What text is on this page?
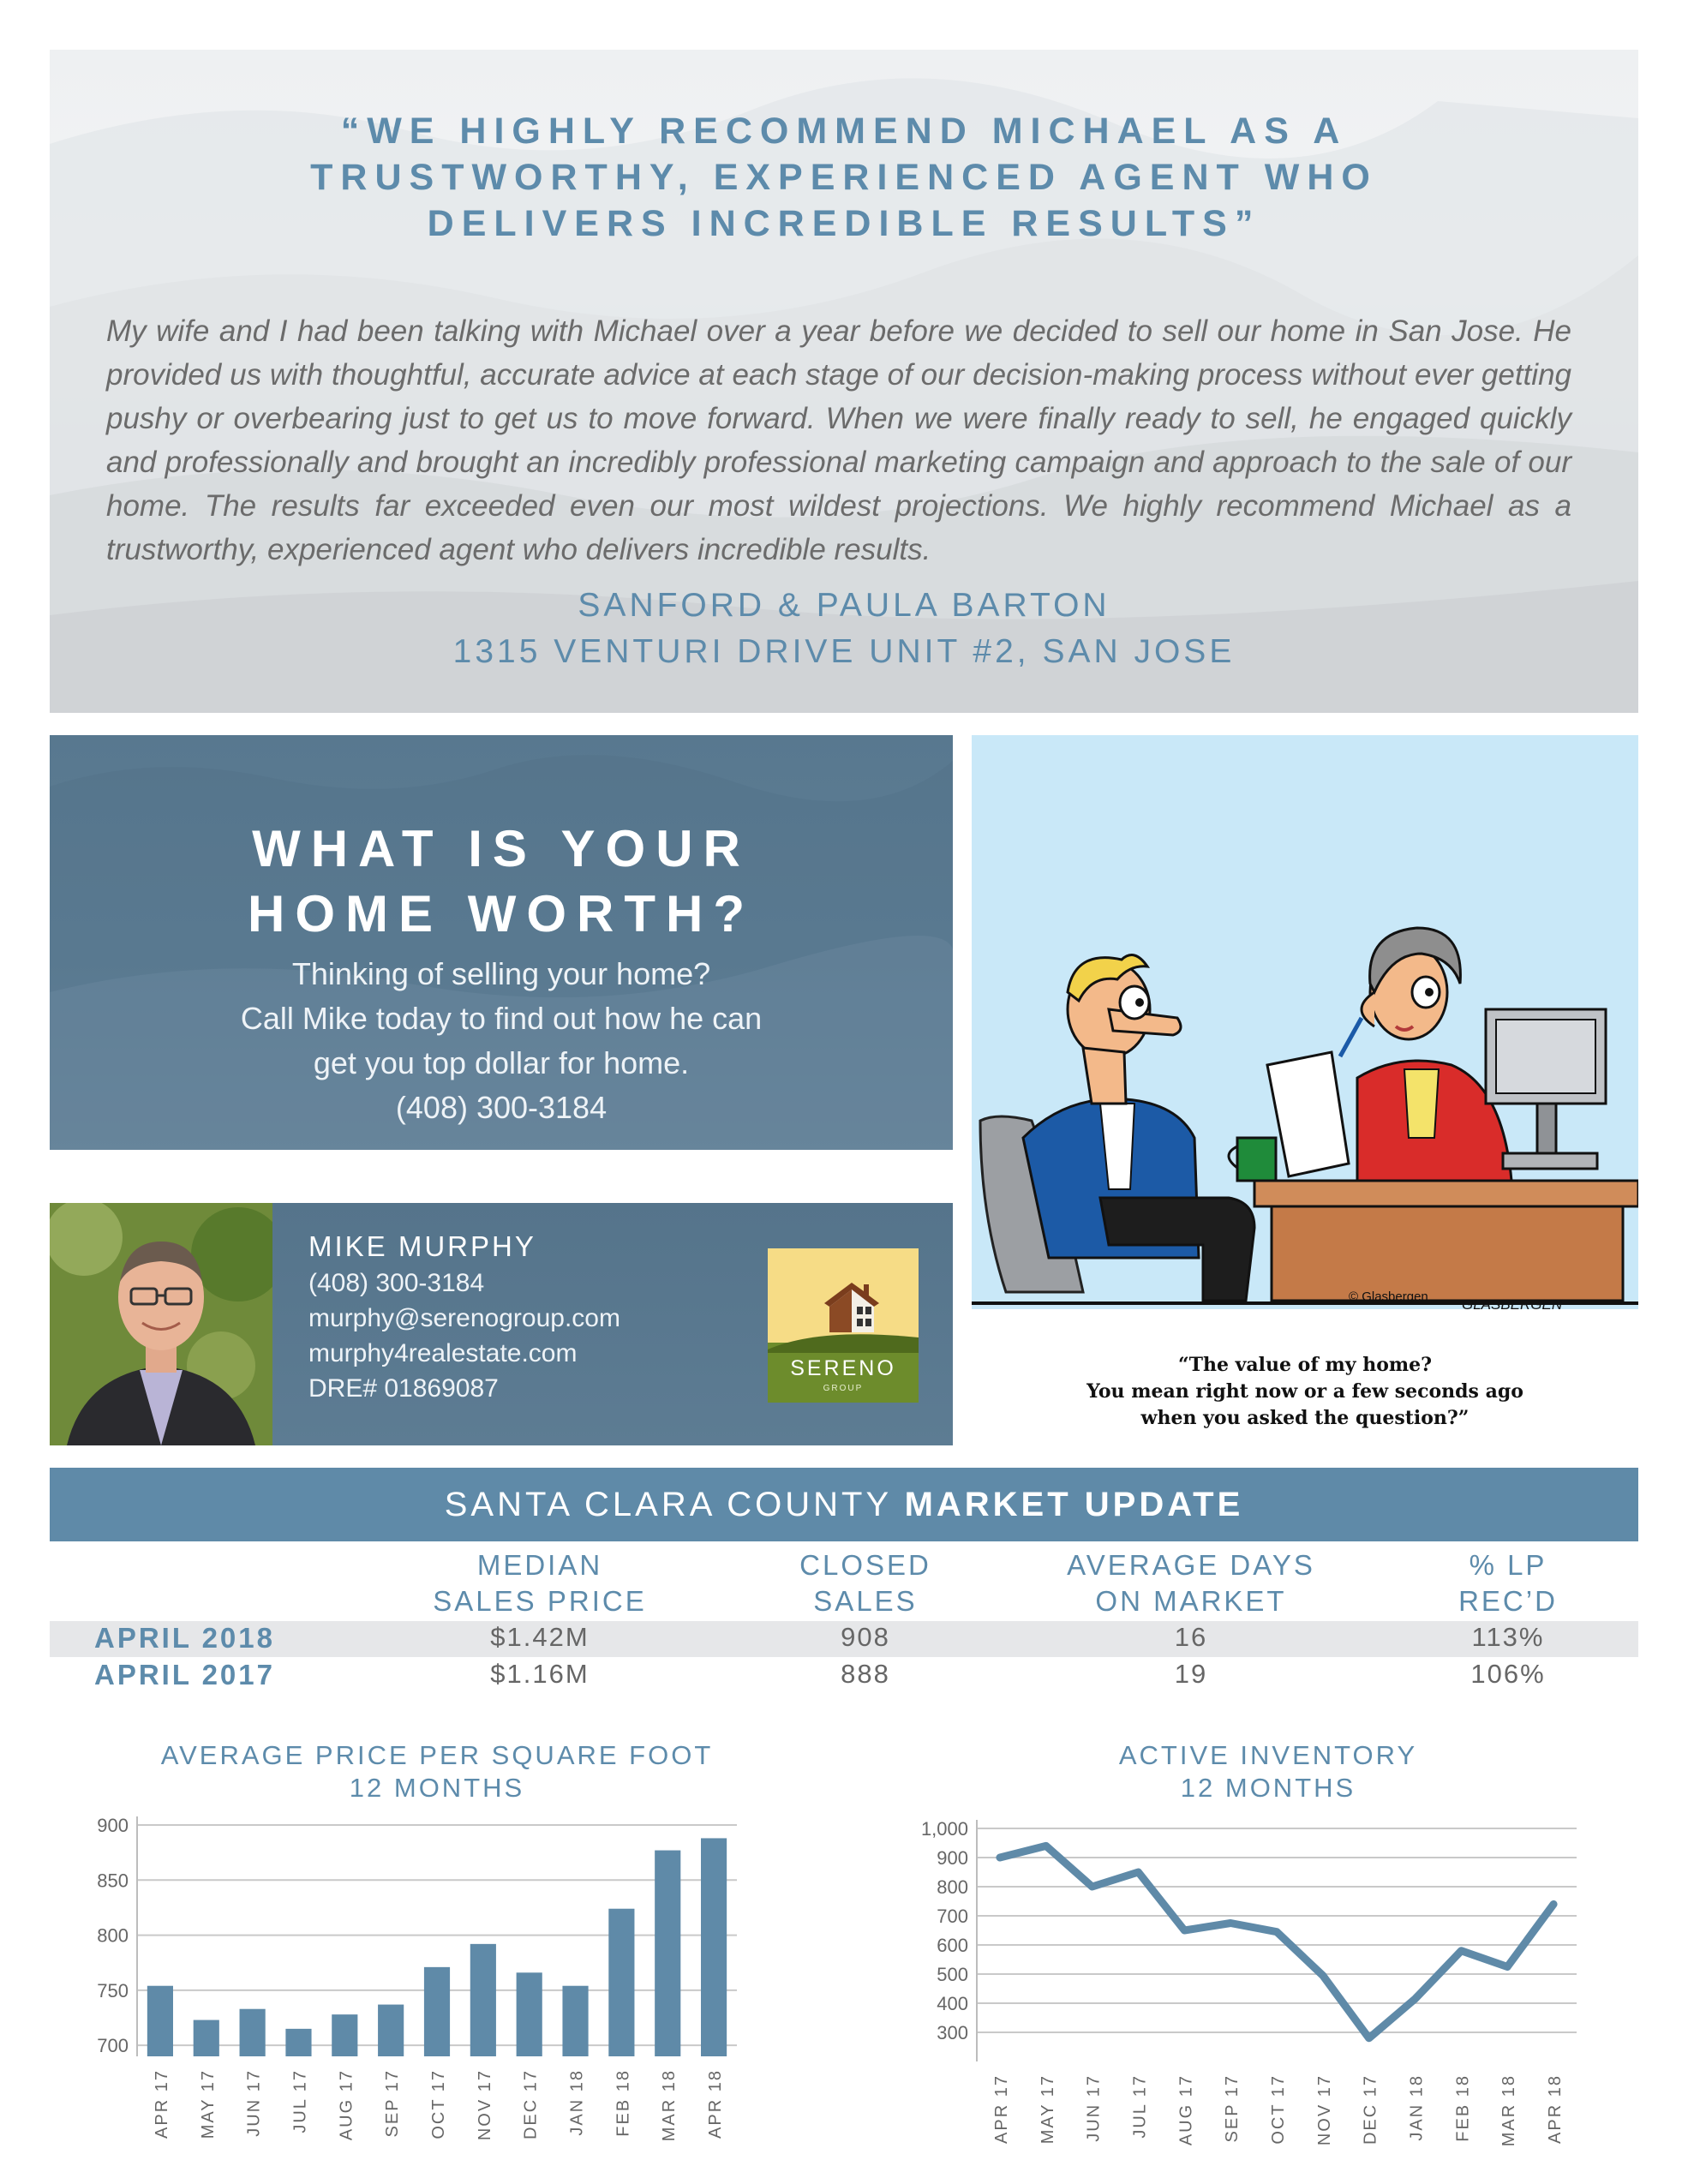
“WE HIGHLY RECOMMEND MICHAEL AS A
TRUSTWORTHY, EXPERIENCED AGENT WHO
DELIVERS INCREDIBLE RESULTS”

My wife and I had been talking with Michael over a year before we decided to sell our home in San Jose. He provided us with thoughtful, accurate advice at each stage of our decision-making process without ever getting pushy or overbearing just to get us to move forward. When we were finally ready to sell, he engaged quickly and professionally and brought an incredibly professional marketing campaign and approach to the sale of our home. The results far exceeded even our most wildest projections. We highly recommend Michael as a trustworthy, experienced agent who delivers incredible results.

SANFORD & PAULA BARTON
1315 VENTURI DRIVE UNIT #2, SAN JOSE
WHAT IS YOUR
HOME WORTH?
Thinking of selling your home?
Call Mike today to find out how he can
get you top dollar for home.
(408) 300-3184
MIKE MURPHY
(408) 300-3184
murphy@serenogroup.com
murphy4realestate.com
DRE# 01869087
SERENO
GROUP
© Glasbergen GLASBERGEN
“The value of my home?
You mean right now or a few seconds ago
when you asked the question?”
SANTA CLARA COUNTY MARKET UPDATE
MEDIAN
SALES PRICE
CLOSED
SALES
AVERAGE DAYS
ON MARKET
% LP
REC’D
APRIL 2018	$1.42M	908	16	113%
APRIL 2017	$1.16M	888	19	106%
AVERAGE PRICE PER SQUARE FOOT
12 MONTHS
700
750
800
850
900
APR 17 MAY 17 JUN 17 JUL 17 AUG 17 SEP 17 OCT 17 NOV 17 DEC 17 JAN 18 FEB 18 MAR 18 APR 18
ACTIVE INVENTORY
12 MONTHS
300
400
500
600
700
800
900
1,000
APR 17 MAY 17 JUN 17 JUL 17 AUG 17 SEP 17 OCT 17 NOV 17 DEC 17 JAN 18 FEB 18 MAR 18 APR 18
